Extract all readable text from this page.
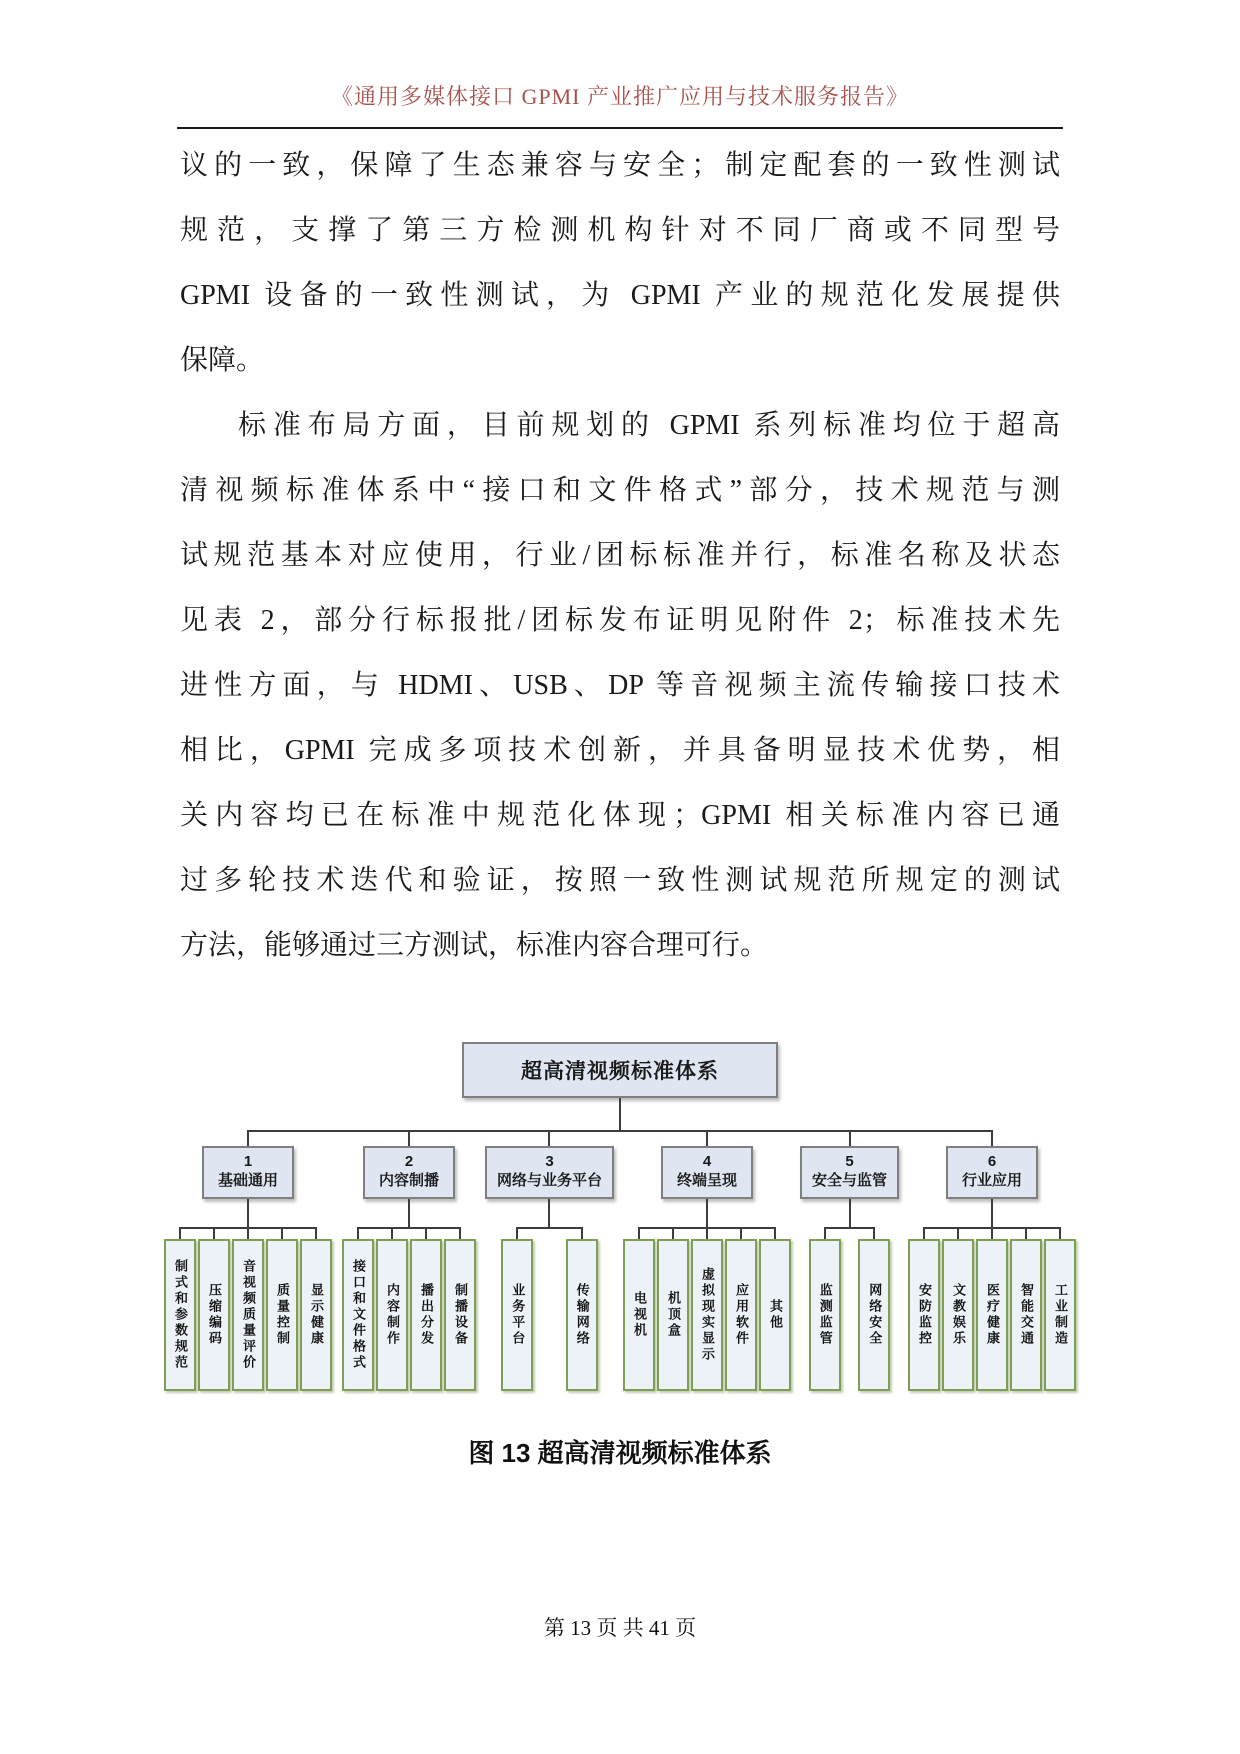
《通用多媒体接口 GPMI 产业推广应用与技术服务报告》
议的一致，保障了生态兼容与安全；制定配套的一致性测试
规范，支撑了第三方检测机构针对不同厂商或不同型号
GPMI 设备的一致性测试，为 GPMI 产业的规范化发展提供
保障。
标准布局方面，目前规划的 GPMI 系列标准均位于超高
清视频标准体系中“接口和文件格式”部分，技术规范与测
试规范基本对应使用，行业/团标标准并行，标准名称及状态
见表 2，部分行标报批/团标发布证明见附件 2；标准技术先
进性方面，与 HDMI、USB、DP 等音视频主流传输接口技术
相比，GPMI 完成多项技术创新，并具备明显技术优势，相
关内容均已在标准中规范化体现；GPMI 相关标准内容已通
过多轮技术迭代和验证，按照一致性测试规范所规定的测试
方法，能够通过三方测试，标准内容合理可行。
超高清视频标准体系
1
基础通用
制式和参数规范	压缩编码	音视频质量评价	质量控制	显示健康
2
内容制播
接口和文件格式	内容制作	播出分发	制播设备
3
网络与业务平台
业务平台	传输网络
4
终端呈现
电视机	机顶盒	虚拟现实显示	应用软件	其他
5
安全与监管
监测监管	网络安全
6
行业应用
安防监控	文教娱乐	医疗健康	智能交通	工业制造
图 13 超高清视频标准体系
第 13 页 共 41 页
